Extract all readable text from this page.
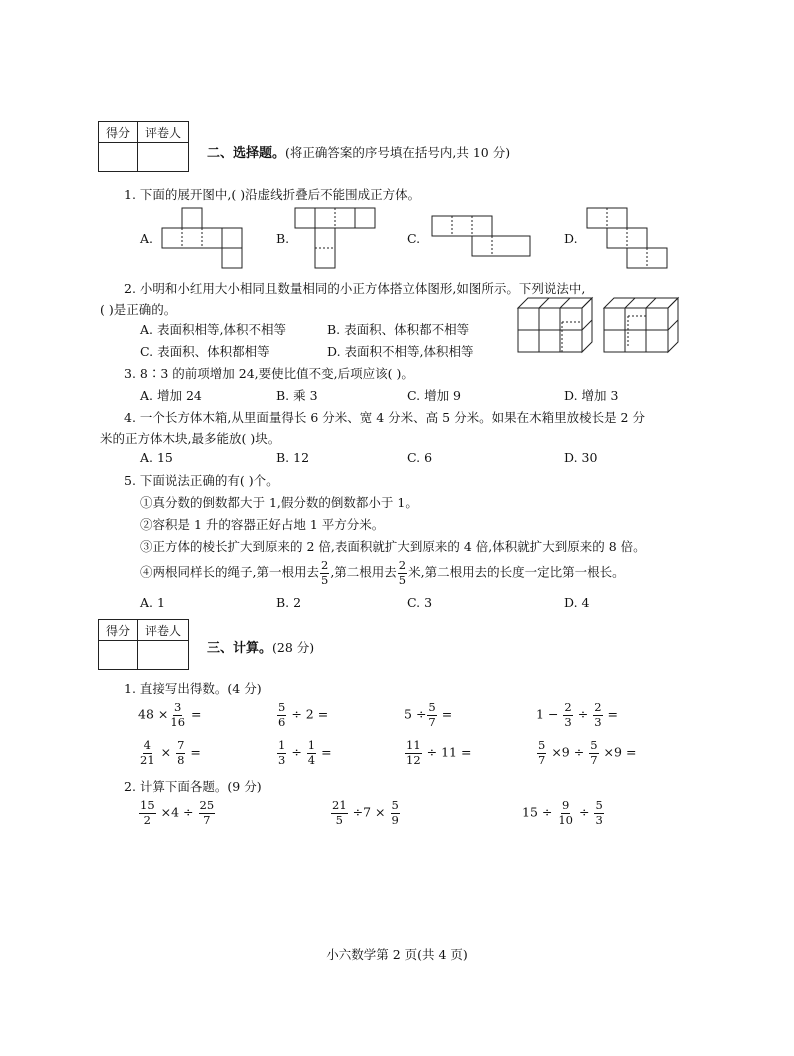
得分	评卷人

二、选择题。(将正确答案的序号填在括号内,共 10 分)
1. 下面的展开图中,( )沿虚线折叠后不能围成正方体。
A.	B.	C.	D.
2. 小明和小红用大小相同且数量相同的小正方体搭立体图形,如图所示。下列说法中,
( )是正确的。
A. 表面积相等,体积不相等	B. 表面积、体积都不相等
C. 表面积、体积都相等	D. 表面积不相等,体积相等
3. 8∶3 的前项增加 24,要使比值不变,后项应该( )。
A. 增加 24	B. 乘 3	C. 增加 9	D. 增加 3
4. 一个长方体木箱,从里面量得长 6 分米、宽 4 分米、高 5 分米。如果在木箱里放棱长是 2 分
米的正方体木块,最多能放( )块。
A. 15	B. 12	C. 6	D. 30
5. 下面说法正确的有( )个。
①真分数的倒数都大于 1,假分数的倒数都小于 1。
②容积是 1 升的容器正好占地 1 平方分米。
③正方体的棱长扩大到原来的 2 倍,表面积就扩大到原来的 4 倍,体积就扩大到原来的 8 倍。
④两根同样长的绳子,第一根用去 $\frac{2}{5}$ ,第二根用去 $\frac{2}{5}$ 米,第二根用去的长度一定比第一根长。
A. 1	B. 2	C. 3	D. 4
得分	评卷人

三、计算。(28 分)
1. 直接写出得数。(4 分)
$48 \times \frac{3}{16}$ =	$\frac{5}{6} \div 2$ =	$5 \div \frac{5}{7}$ =	$1 - \frac{2}{3} \div \frac{2}{3}$ =
$\frac{4}{21} \times \frac{7}{8}$ =	$\frac{1}{3} \div \frac{1}{4}$ =	$\frac{11}{12} \div 11$ =	$\frac{5}{7} \times 9 \div \frac{5}{7} \times 9$ =
2. 计算下面各题。(9 分)
$\frac{15}{2} \times 4 \div \frac{25}{7}$	$\frac{21}{5} \div 7 \times \frac{5}{9}$	$15 \div \frac{9}{10} \div \frac{5}{3}$
小六数学第 2 页(共 4 页)
